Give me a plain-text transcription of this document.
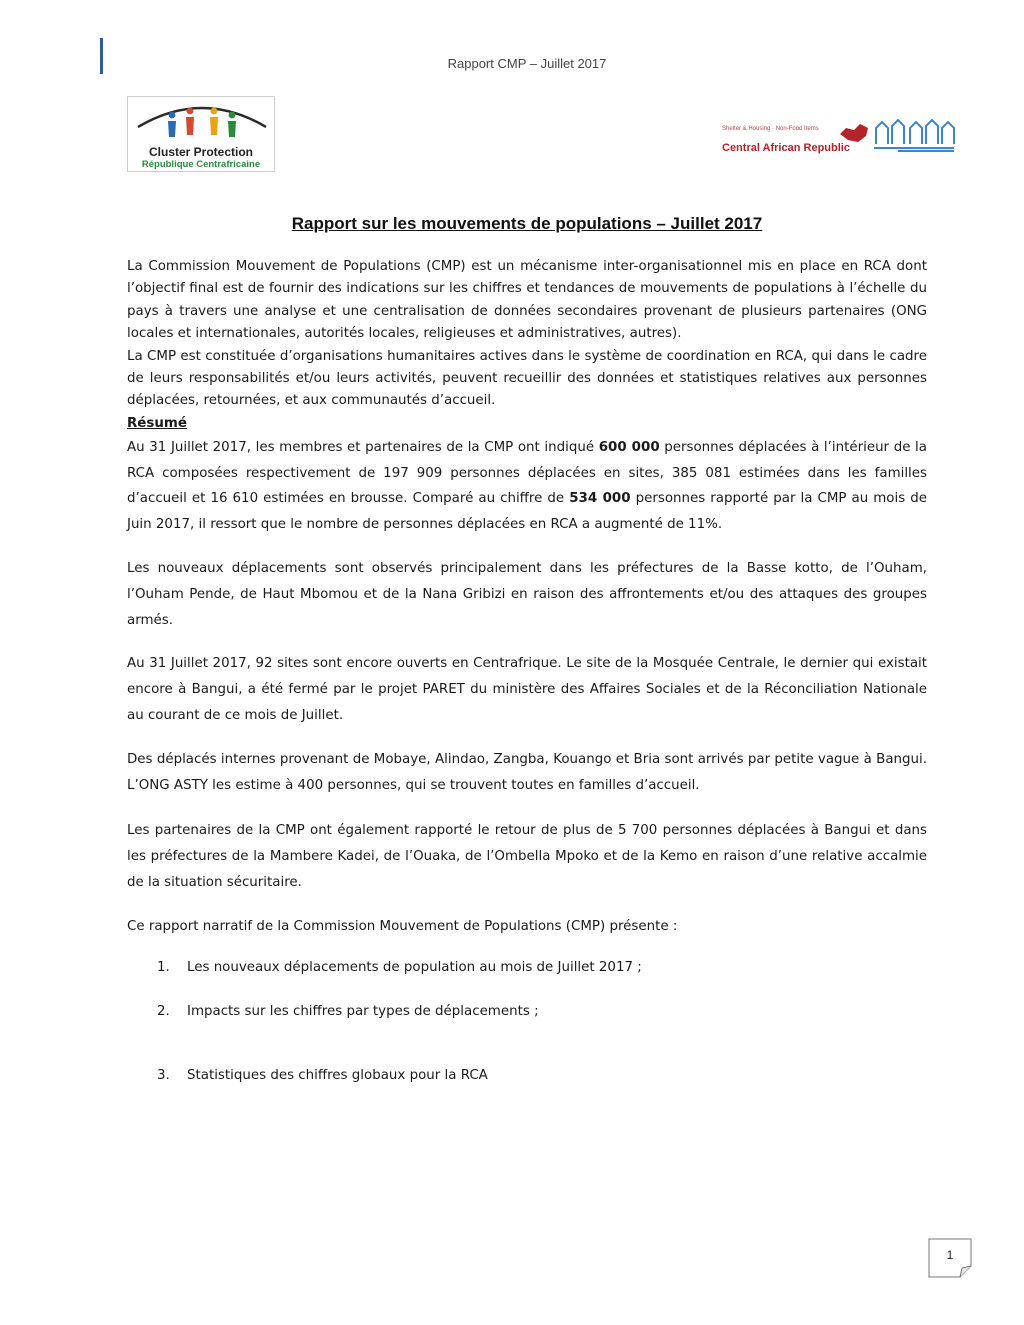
Rapport CMP – Juillet 2017
Cluster Protection
République Centrafricaine
Shelter & Housing · Non-Food Items
Central African Republic
Rapport sur les mouvements de populations – Juillet 2017

La Commission Mouvement de Populations (CMP) est un mécanisme inter-organisationnel mis en place en RCA dont l’objectif final est de fournir des indications sur les chiffres et tendances de mouvements de populations à l’échelle du pays à travers une analyse et une centralisation de données secondaires provenant de plusieurs partenaires (ONG locales et internationales, autorités locales, religieuses et administratives, autres).

La CMP est constituée d’organisations humanitaires actives dans le système de coordination en RCA, qui dans le cadre de leurs responsabilités et/ou leurs activités, peuvent recueillir des données et statistiques relatives aux personnes déplacées, retournées, et aux communautés d’accueil.

Résumé

Au 31 Juillet 2017, les membres et partenaires de la CMP ont indiqué 600 000 personnes déplacées à l’intérieur de la RCA composées respectivement de 197 909 personnes déplacées en sites, 385 081 estimées dans les familles d’accueil et 16 610 estimées en brousse. Comparé au chiffre de 534 000 personnes rapporté par la CMP au mois de Juin 2017, il ressort que le nombre de personnes déplacées en RCA a augmenté de 11%.

Les nouveaux déplacements sont observés principalement dans les préfectures de la Basse kotto, de l’Ouham, l’Ouham Pende, de Haut Mbomou et de la Nana Gribizi en raison des affrontements et/ou des attaques des groupes armés.

Au 31 Juillet 2017, 92 sites sont encore ouverts en Centrafrique. Le site de la Mosquée Centrale, le dernier qui existait encore à Bangui, a été fermé par le projet PARET du ministère des Affaires Sociales et de la Réconciliation Nationale au courant de ce mois de Juillet.

Des déplacés internes provenant de Mobaye, Alindao, Zangba, Kouango et Bria sont arrivés par petite vague à Bangui. L’ONG ASTY les estime à 400 personnes, qui se trouvent toutes en familles d’accueil.

Les partenaires de la CMP ont également rapporté le retour de plus de 5 700 personnes déplacées à Bangui et dans les préfectures de la Mambere Kadei, de l’Ouaka, de l’Ombella Mpoko et de la Kemo en raison d’une relative accalmie de la situation sécuritaire.

Ce rapport narratif de la Commission Mouvement de Populations (CMP) présente :

1. Les nouveaux déplacements de population au mois de Juillet 2017 ;
2. Impacts sur les chiffres par types de déplacements ;
3. Statistiques des chiffres globaux pour la RCA
1
